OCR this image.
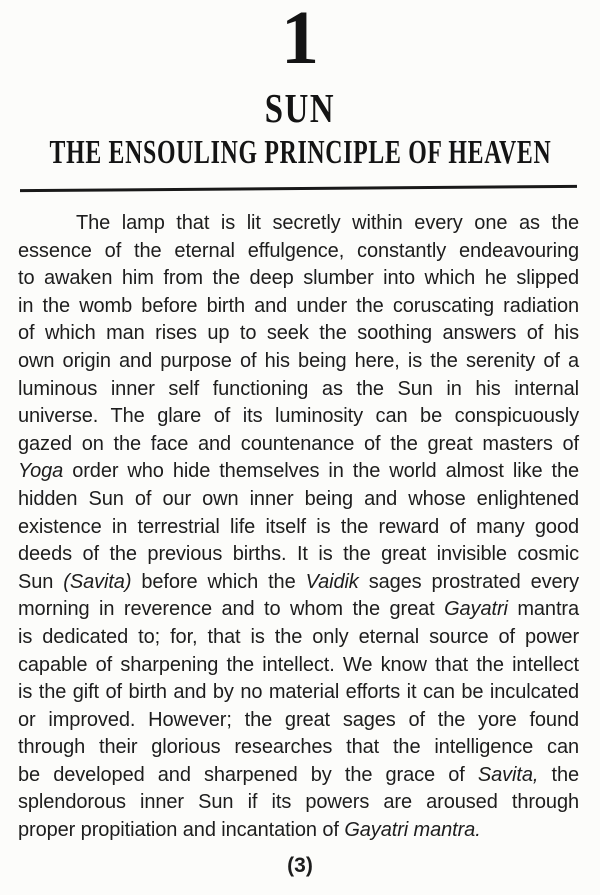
1
SUN
THE ENSOULING PRINCIPLE OF HEAVEN
The lamp that is lit secretly within every one as the
essence of the eternal effulgence, constantly endeavouring
to awaken him from the deep slumber into which he slipped
in the womb before birth and under the coruscating radiation
of which man rises up to seek the soothing answers of his
own origin and purpose of his being here, is the serenity of a
luminous inner self functioning as the Sun in his internal
universe. The glare of its luminosity can be conspicuously
gazed on the face and countenance of the great masters of
Yoga order who hide themselves in the world almost like the
hidden Sun of our own inner being and whose enlightened
existence in terrestrial life itself is the reward of many good
deeds of the previous births. It is the great invisible cosmic
Sun (Savita) before which the Vaidik sages prostrated every
morning in reverence and to whom the great Gayatri mantra
is dedicated to; for, that is the only eternal source of power
capable of sharpening the intellect. We know that the intellect
is the gift of birth and by no material efforts it can be inculcated
or improved. However; the great sages of the yore found
through their glorious researches that the intelligence can
be developed and sharpened by the grace of Savita, the
splendorous inner Sun if its powers are aroused through
proper propitiation and incantation of Gayatri mantra.
(3)
